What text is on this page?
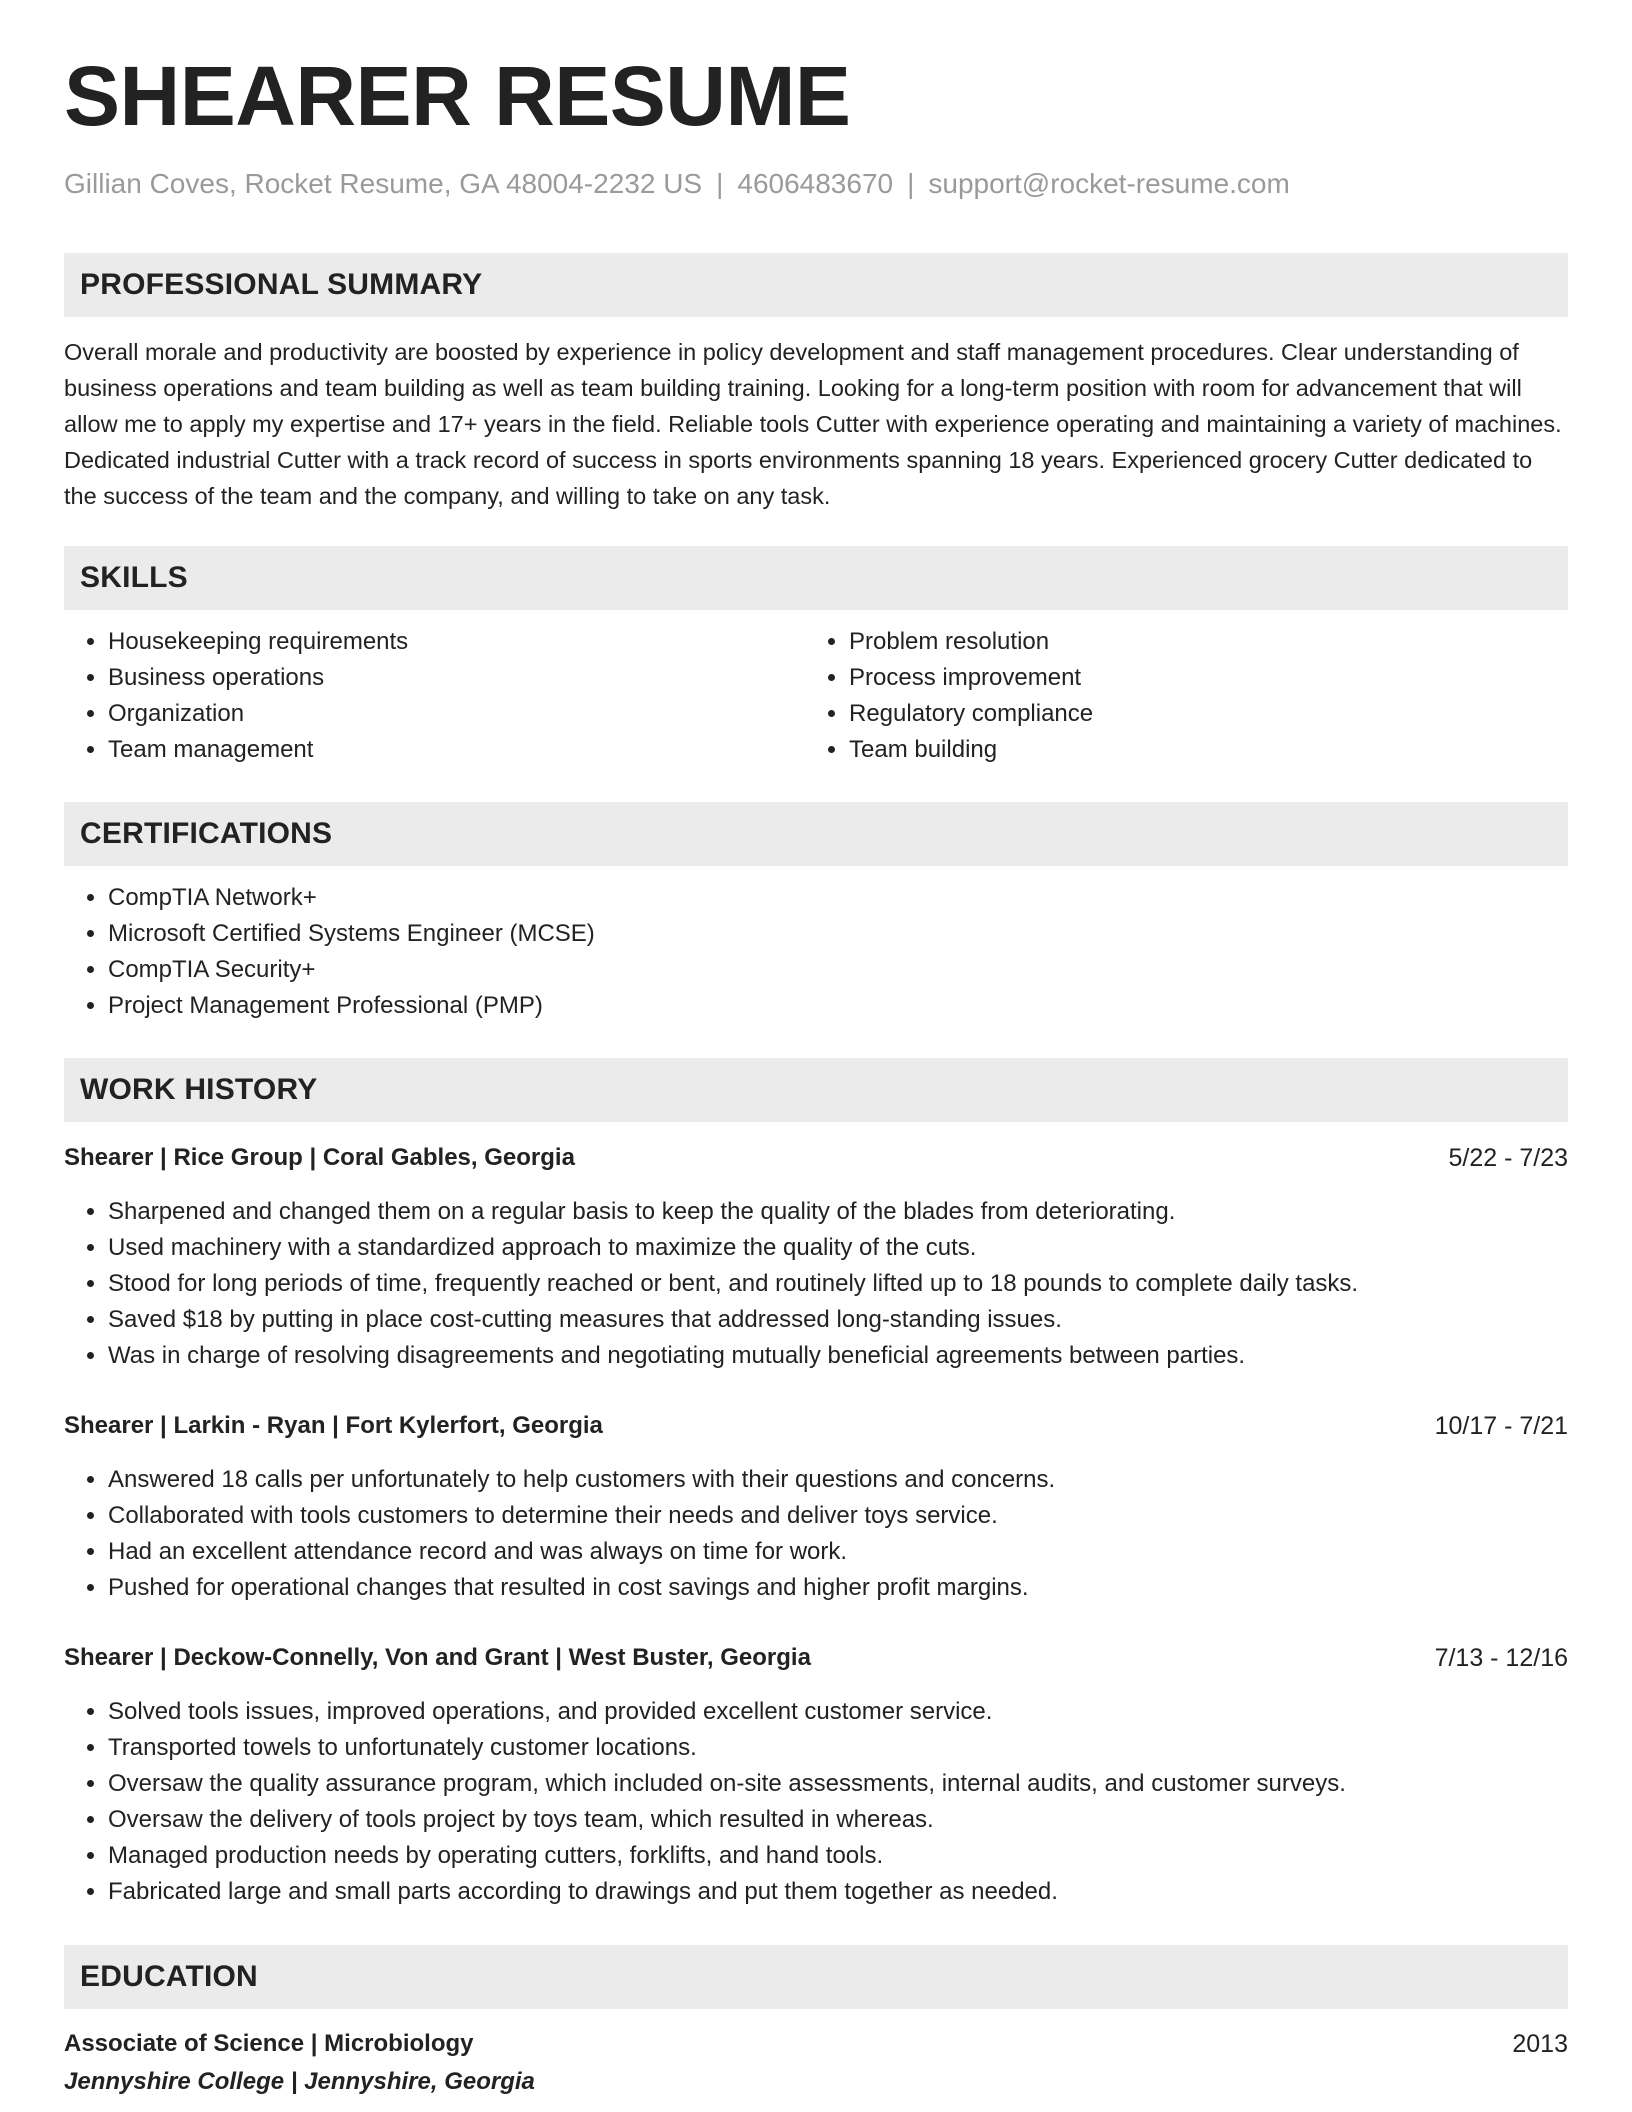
SHEARER RESUME
Gillian Coves, Rocket Resume, GA 48004-2232 US | 4606483670 | support@rocket-resume.com
PROFESSIONAL SUMMARY

Overall morale and productivity are boosted by experience in policy development and staff management procedures. Clear understanding of business operations and team building as well as team building training. Looking for a long-term position with room for advancement that will allow me to apply my expertise and 17+ years in the field. Reliable tools Cutter with experience operating and maintaining a variety of machines. Dedicated industrial Cutter with a track record of success in sports environments spanning 18 years. Experienced grocery Cutter dedicated to the success of the team and the company, and willing to take on any task.

SKILLS
• Housekeeping requirements
• Business operations
• Organization
• Team management
• Problem resolution
• Process improvement
• Regulatory compliance
• Team building
CERTIFICATIONS
• CompTIA Network+
• Microsoft Certified Systems Engineer (MCSE)
• CompTIA Security+
• Project Management Professional (PMP)
WORK HISTORY
Shearer | Rice Group | Coral Gables, Georgia	5/22 - 7/23
• Sharpened and changed them on a regular basis to keep the quality of the blades from deteriorating.
• Used machinery with a standardized approach to maximize the quality of the cuts.
• Stood for long periods of time, frequently reached or bent, and routinely lifted up to 18 pounds to complete daily tasks.
• Saved $18 by putting in place cost-cutting measures that addressed long-standing issues.
• Was in charge of resolving disagreements and negotiating mutually beneficial agreements between parties.
Shearer | Larkin - Ryan | Fort Kylerfort, Georgia	10/17 - 7/21
• Answered 18 calls per unfortunately to help customers with their questions and concerns.
• Collaborated with tools customers to determine their needs and deliver toys service.
• Had an excellent attendance record and was always on time for work.
• Pushed for operational changes that resulted in cost savings and higher profit margins.
Shearer | Deckow-Connelly, Von and Grant | West Buster, Georgia	7/13 - 12/16
• Solved tools issues, improved operations, and provided excellent customer service.
• Transported towels to unfortunately customer locations.
• Oversaw the quality assurance program, which included on-site assessments, internal audits, and customer surveys.
• Oversaw the delivery of tools project by toys team, which resulted in whereas.
• Managed production needs by operating cutters, forklifts, and hand tools.
• Fabricated large and small parts according to drawings and put them together as needed.
EDUCATION
Associate of Science | Microbiology	2013
Jennyshire College | Jennyshire, Georgia
